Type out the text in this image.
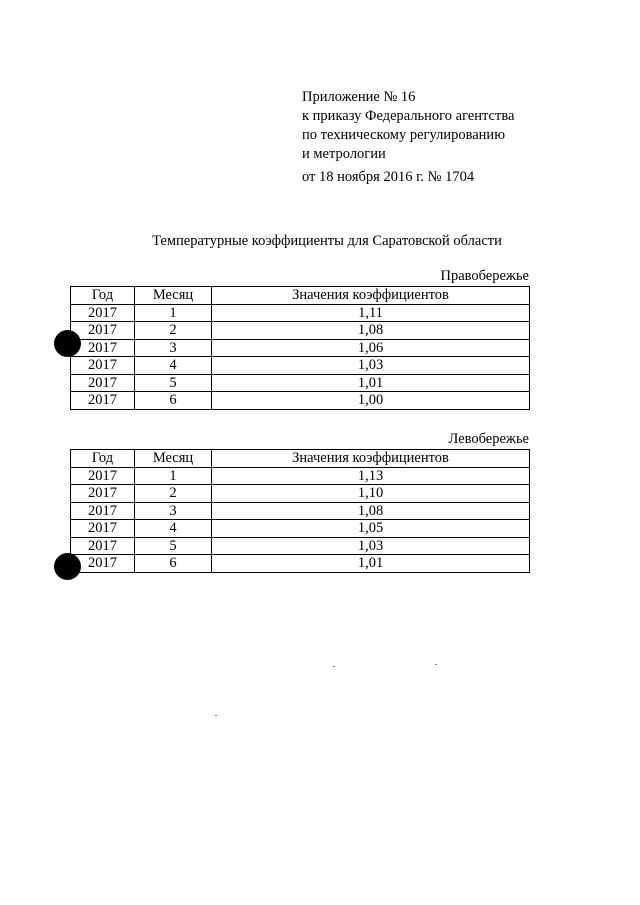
Приложение № 16
к приказу Федерального агентства
по техническому регулированию
и метрологии
от 18 ноября 2016 г. № 1704
Температурные коэффициенты для Саратовской области
Правобережье
Год	Месяц	Значения коэффициентов
2017	1	1,11
2017	2	1,08
2017	3	1,06
2017	4	1,03
2017	5	1,01
2017	6	1,00
Левобережье
Год	Месяц	Значения коэффициентов
2017	1	1,13
2017	2	1,10
2017	3	1,08
2017	4	1,05
2017	5	1,03
2017	6	1,01
